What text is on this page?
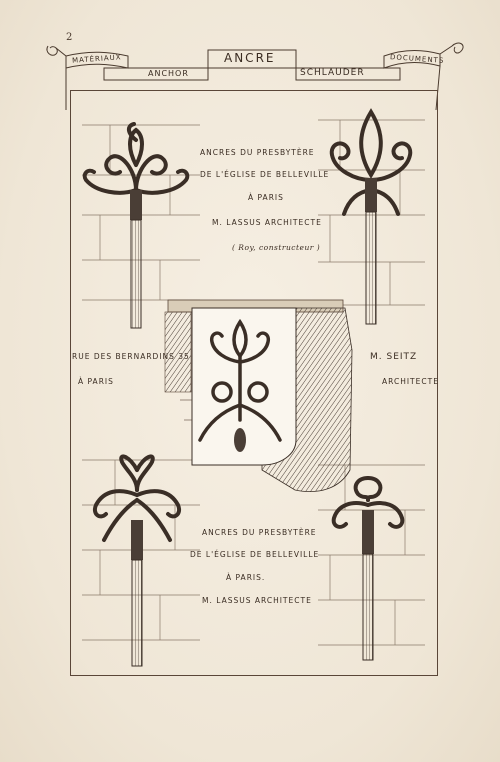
2
MATÉRIAUX
ANCHOR
ANCRE
SCHLAUDER
DOCUMENTS
ANCRES DU PRESBYTÈRE
DE L'ÉGLISE DE BELLEVILLE
À PARIS
M. LASSUS ARCHITECTE
( Roy, constructeur )
RUE DES BERNARDINS 35
À PARIS
M. SEITZ
ARCHITECTE
ANCRES DU PRESBYTÈRE
DE L'ÉGLISE DE BELLEVILLE
À PARIS.
M. LASSUS ARCHITECTE
